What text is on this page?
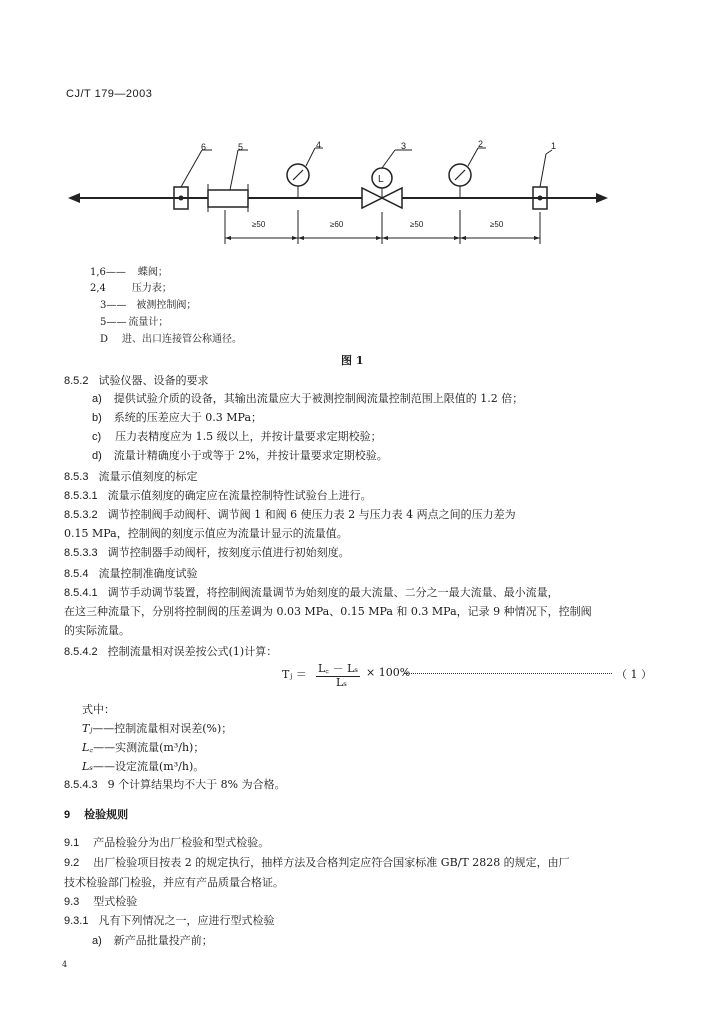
CJ/T 179—2003
L
6	5	4	3	2	1
≥50	≥60	≥50	≥50
1,6—— 蝶阀；
2,4	压力表；
3—— 被测控制阀；
5—— 流量计；
D 进、出口连接管公称通径。
图 1
8.5.2 试验仪器、设备的要求
a) 提供试验介质的设备，其输出流量应大于被测控制阀流量控制范围上限值的 1.2 倍；
b) 系统的压差应大于 0.3 MPa；
c) 压力表精度应为 1.5 级以上，并按计量要求定期校验；
d) 流量计精确度小于或等于 2%，并按计量要求定期校验。
8.5.3 流量示值刻度的标定
8.5.3.1 流量示值刻度的确定应在流量控制特性试验台上进行。
8.5.3.2 调节控制阀手动阀杆、调节阀 1 和阀 6 使压力表 2 与压力表 4 两点之间的压力差为
0.15 MPa，控制阀的刻度示值应为流量计显示的流量值。
8.5.3.3 调节控制器手动阀杆，按刻度示值进行初始刻度。
8.5.4 流量控制准确度试验
8.5.4.1 调节手动调节装置，将控制阀流量调节为始刻度的最大流量、二分之一最大流量、最小流量，
在这三种流量下，分别将控制阀的压差调为 0.03 MPa、0.15 MPa 和 0.3 MPa，记录 9 种情况下，控制阀
的实际流量。
8.5.4.2 控制流量相对误差按公式(1)计算：
Tⱼ ＝ L꜀ － Lₛ
Lₛ
× 100%	（ 1 ）
式中：
Tⱼ——控制流量相对误差(%)；
L꜀——实测流量(m³/h)；
Lₛ——设定流量(m³/h)。
8.5.4.3 9 个计算结果均不大于 8% 为合格。
9 检验规则
9.1 产品检验分为出厂检验和型式检验。
9.2 出厂检验项目按表 2 的规定执行，抽样方法及合格判定应符合国家标准 GB/T 2828 的规定，由厂
技术检验部门检验，并应有产品质量合格证。
9.3 型式检验
9.3.1 凡有下列情况之一，应进行型式检验
a) 新产品批量投产前；
4
